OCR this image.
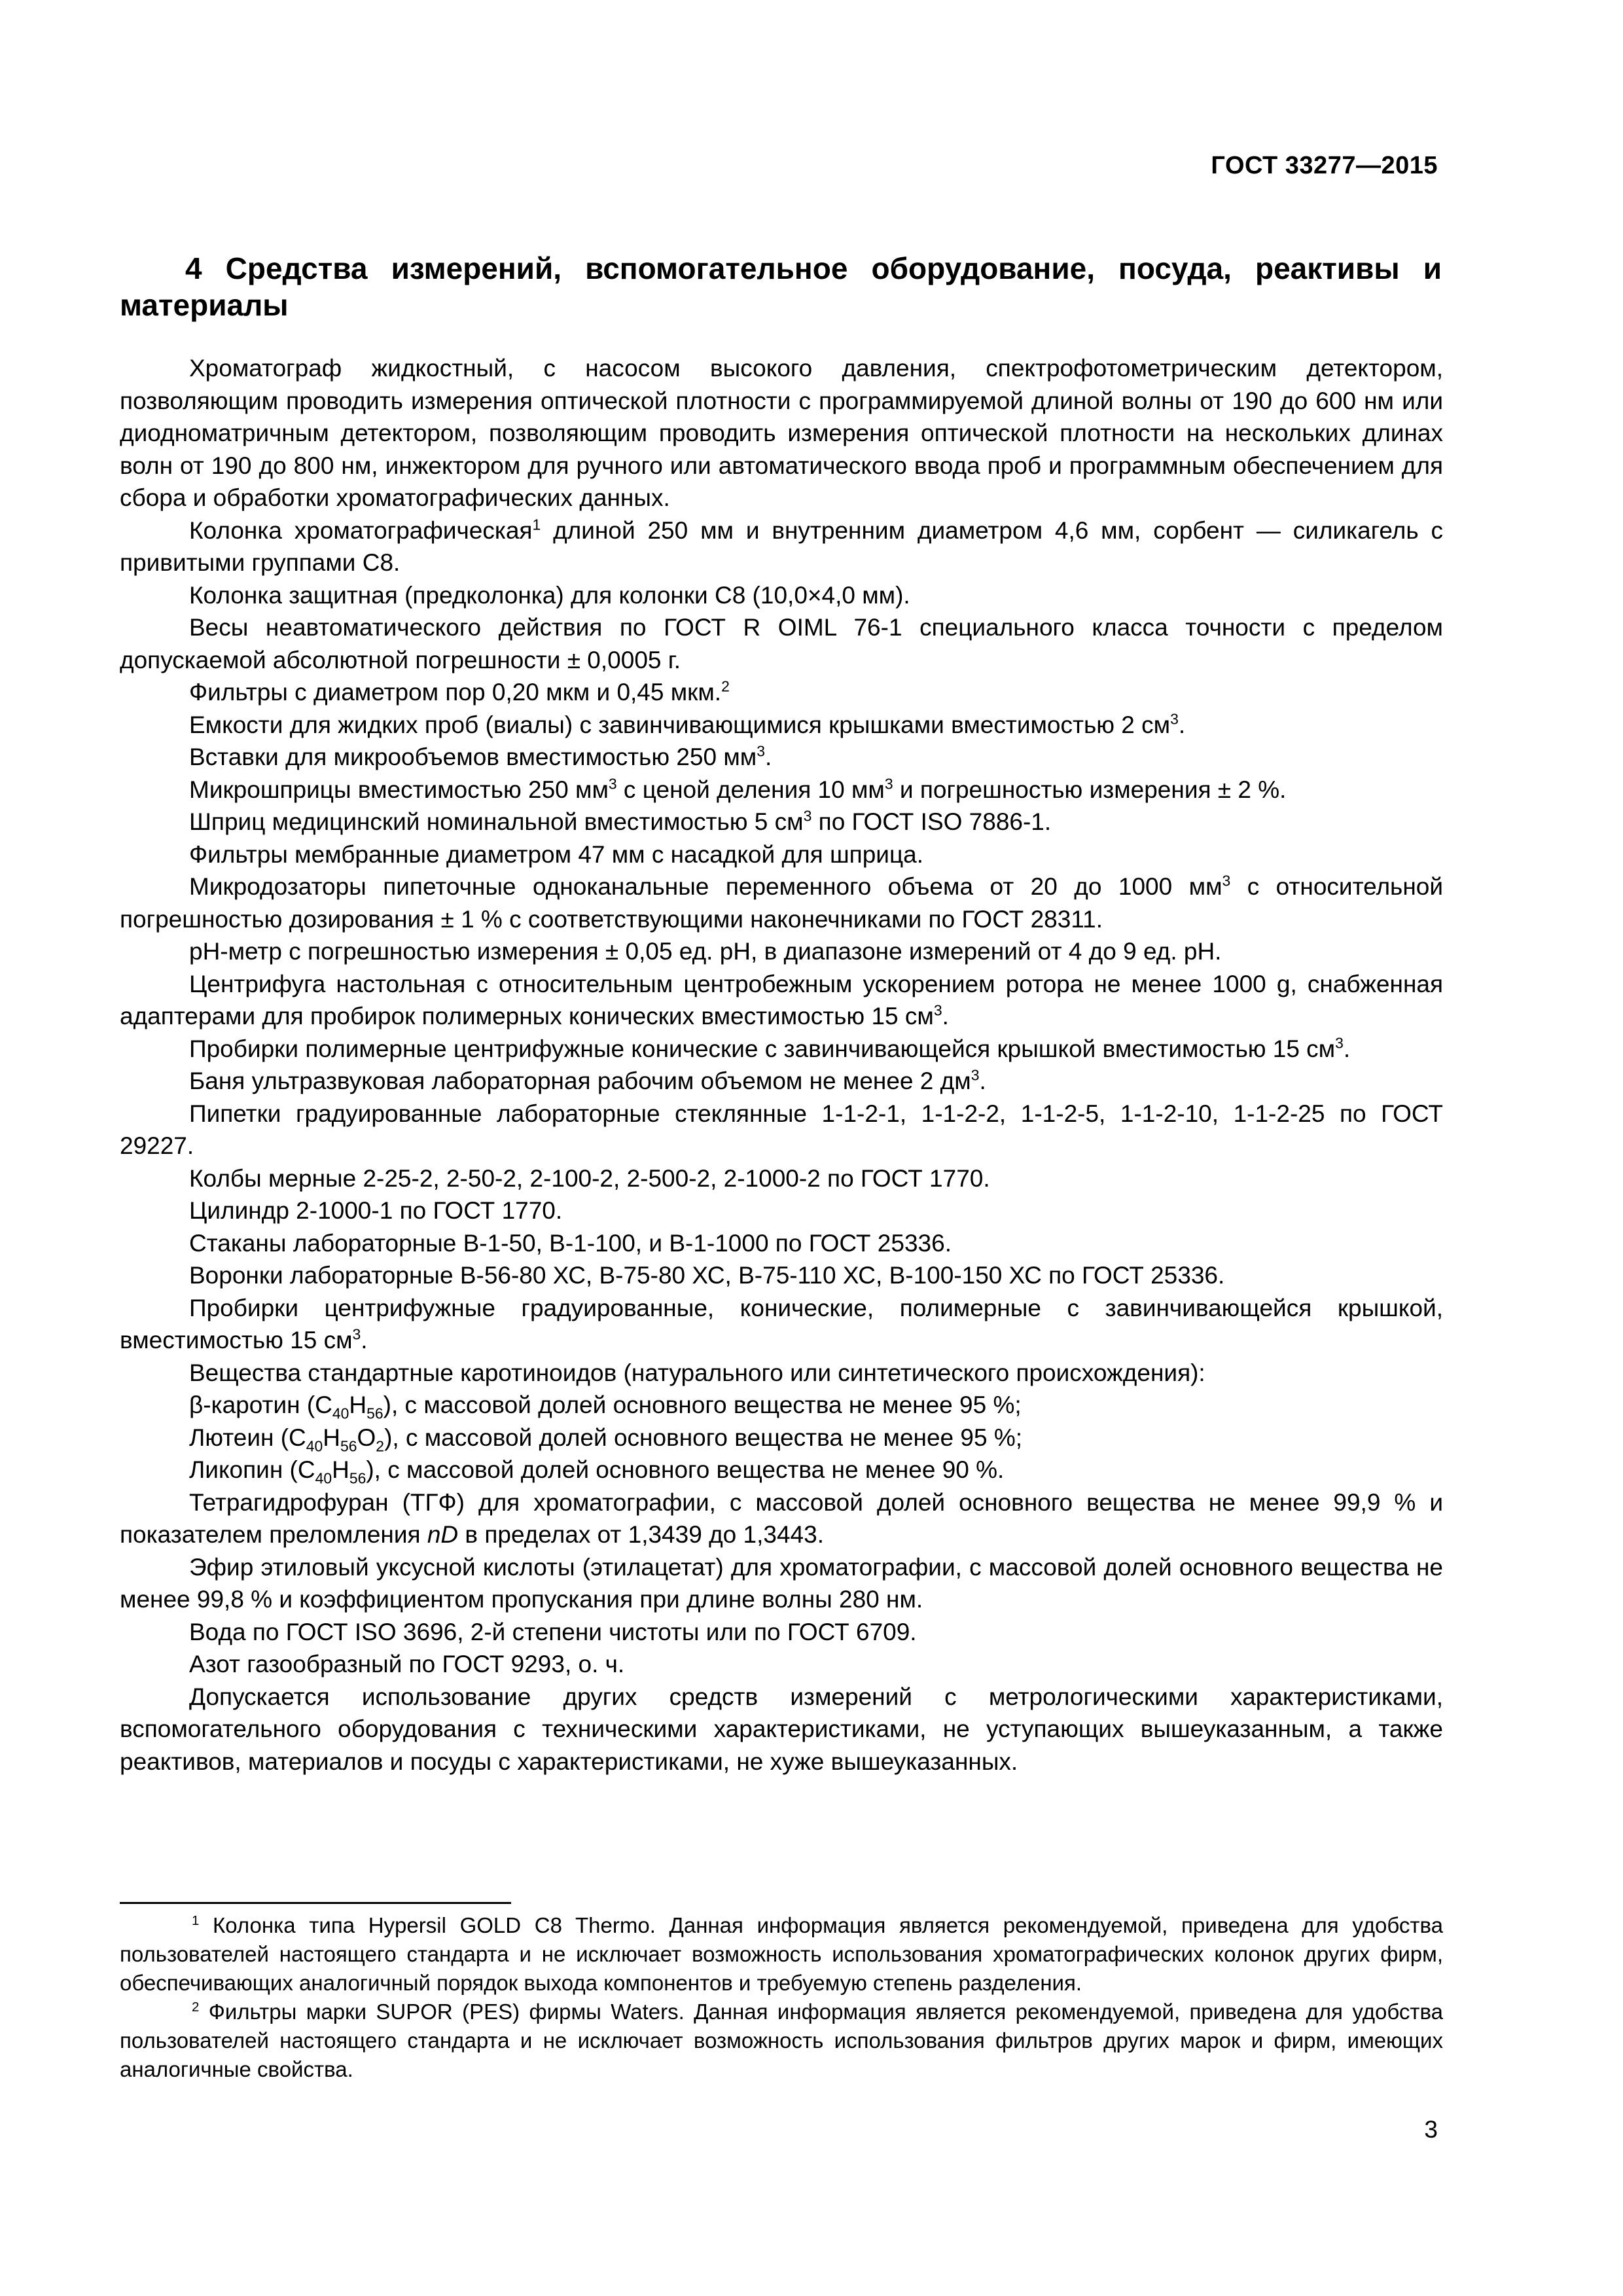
ГОСТ 33277—2015
4 Средства измерений, вспомогательное оборудование, посуда, реактивы и материалы

Хроматограф жидкостный, с насосом высокого давления, спектрофотометрическим детектором, позволяющим проводить измерения оптической плотности с программируемой длиной волны от 190 до 600 нм или диодноматричным детектором, позволяющим проводить измерения оптической плотности на нескольких длинах волн от 190 до 800 нм, инжектором для ручного или автоматического ввода проб и программным обеспечением для сбора и обработки хроматографических данных.

Колонка хроматографическая$^1$ длиной 250 мм и внутренним диаметром 4,6 мм, сорбент — силикагель с привитыми группами С8.

Колонка защитная (предколонка) для колонки С8 (10,0×4,0 мм).

Весы неавтоматического действия по ГОСТ R OIML 76-1 специального класса точности с пределом допускаемой абсолютной погрешности ± 0,0005 г.

Фильтры с диаметром пор 0,20 мкм и 0,45 мкм.$^2$

Емкости для жидких проб (виалы) с завинчивающимися крышками вместимостью 2 $см^3$.

Вставки для микрообъемов вместимостью 250 $мм^3$.

Микрошприцы вместимостью 250 $мм^3$ с ценой деления 10 $мм^3$ и погрешностью измерения ± 2 %.

Шприц медицинский номинальной вместимостью 5 $см^3$ по ГОСТ ISO 7886-1.

Фильтры мембранные диаметром 47 мм с насадкой для шприца.

Микродозаторы пипеточные одноканальные переменного объема от 20 до 1000 $мм^3$ с относительной погрешностью дозирования ± 1 % с соответствующими наконечниками по ГОСТ 28311.

рН-метр с погрешностью измерения ± 0,05 ед. рН, в диапазоне измерений от 4 до 9 ед. рН.

Центрифуга настольная с относительным центробежным ускорением ротора не менее 1000 g, снабженная адаптерами для пробирок полимерных конических вместимостью 15 $см^3$.

Пробирки полимерные центрифужные конические с завинчивающейся крышкой вместимостью 15 $см^3$.

Баня ультразвуковая лабораторная рабочим объемом не менее 2 $дм^3$.

Пипетки градуированные лабораторные стеклянные 1-1-2-1, 1-1-2-2, 1-1-2-5, 1-1-2-10, 1-1-2-25 по ГОСТ 29227.

Колбы мерные 2-25-2, 2-50-2, 2-100-2, 2-500-2, 2-1000-2 по ГОСТ 1770.

Цилиндр 2-1000-1 по ГОСТ 1770.

Стаканы лабораторные В-1-50, В-1-100, и В-1-1000 по ГОСТ 25336.

Воронки лабораторные В-56-80 ХС, В-75-80 ХС, В-75-110 ХС, В-100-150 ХС по ГОСТ 25336.

Пробирки центрифужные градуированные, конические, полимерные с завинчивающейся крышкой, вместимостью 15 $см^3$.

Вещества стандартные каротиноидов (натурального или синтетического происхождения):

β-каротин $(С_{40}Н_{56})$, с массовой долей основного вещества не менее 95 %;

Лютеин $(С_{40}Н_{56}О_2)$, с массовой долей основного вещества не менее 95 %;

Ликопин $(С_{40}Н_{56})$, с массовой долей основного вещества не менее 90 %.

Тетрагидрофуран (ТГФ) для хроматографии, с массовой долей основного вещества не менее 99,9 % и показателем преломления nD в пределах от 1,3439 до 1,3443.

Эфир этиловый уксусной кислоты (этилацетат) для хроматографии, с массовой долей основного вещества не менее 99,8 % и коэффициентом пропускания при длине волны 280 нм.

Вода по ГОСТ ISO 3696, 2-й степени чистоты или по ГОСТ 6709.

Азот газообразный по ГОСТ 9293, о. ч.

Допускается использование других средств измерений с метрологическими характеристиками, вспомогательного оборудования с техническими характеристиками, не уступающих вышеуказанным, а также реактивов, материалов и посуды с характеристиками, не хуже вышеуказанных.

$^1$ Колонка типа Hypersil GOLD C8 Thermo. Данная информация является рекомендуемой, приведена для удобства пользователей настоящего стандарта и не исключает возможность использования хроматографических колонок других фирм, обеспечивающих аналогичный порядок выхода компонентов и требуемую степень разделения.

$^2$ Фильтры марки SUPOR (PES) фирмы Waters. Данная информация является рекомендуемой, приведена для удобства пользователей настоящего стандарта и не исключает возможность использования фильтров других марок и фирм, имеющих аналогичные свойства.

3
